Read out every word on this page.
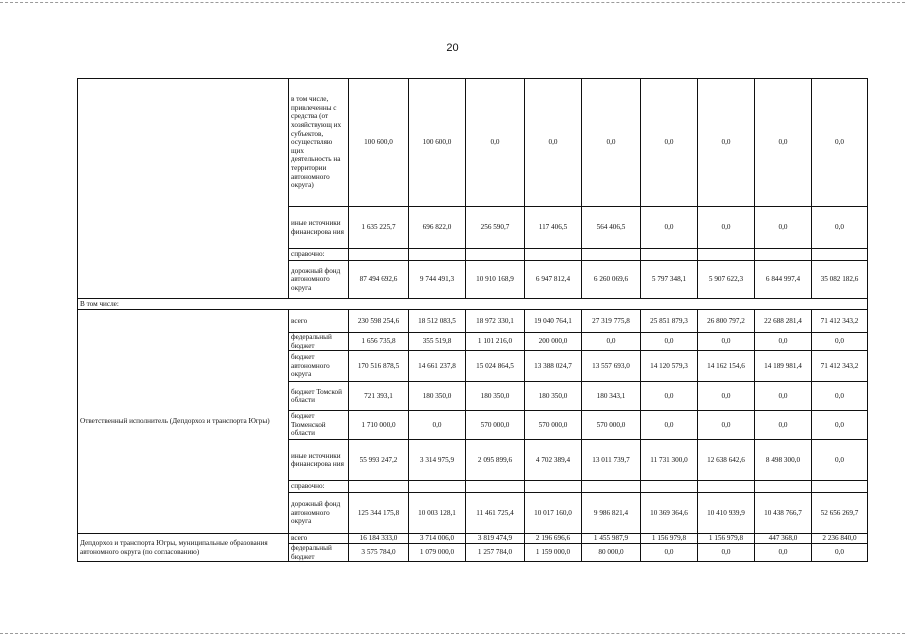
20
	в том числе, привлеченны с средства (от хозяйствующ их субъектов, осуществляю щих деятельность на территории автономного округа)	100 600,0	100 600,0	0,0	0,0	0,0	0,0	0,0	0,0	0,0
	иные источники финансирова ния	1 635 225,7	696 822,0	256 590,7	117 406,5	564 406,5	0,0	0,0	0,0	0,0
	справочно:									
	дорожный фонд автономного округа	87 494 692,6	9 744 491,3	10 910 168,9	6 947 812,4	6 260 069,6	5 797 348,1	5 907 622,3	6 844 997,4	35 082 182,6
В том числе:										
Ответственный исполнитель (Депдорхоз и транспорта Югры)	всего	230 598 254,6	18 512 083,5	18 972 330,1	19 040 764,1	27 319 775,8	25 851 879,3	26 800 797,2	22 688 281,4	71 412 343,2
	федеральный бюджет	1 656 735,8	355 519,8	1 101 216,0	200 000,0	0,0	0,0	0,0	0,0	0,0
	бюджет автономного округа	170 516 878,5	14 661 237,8	15 024 864,5	13 388 024,7	13 557 693,0	14 120 579,3	14 162 154,6	14 189 981,4	71 412 343,2
	бюджет Томской области	721 393,1	180 350,0	180 350,0	180 350,0	180 343,1	0,0	0,0	0,0	0,0
	бюджет Тюменской области	1 710 000,0	0,0	570 000,0	570 000,0	570 000,0	0,0	0,0	0,0	0,0
	иные источники финансирова ния	55 993 247,2	3 314 975,9	2 095 899,6	4 702 389,4	13 011 739,7	11 731 300,0	12 638 642,6	8 498 300,0	0,0
	справочно:									
	дорожный фонд автономного округа	125 344 175,8	10 003 128,1	11 461 725,4	10 017 160,0	9 986 821,4	10 369 364,6	10 410 939,9	10 438 766,7	52 656 269,7
Депдорхоз и транспорта Югры, муниципальные образования автономного округа (по согласованию)	всего	16 184 333,0	3 714 006,0	3 819 474,9	2 196 696,6	1 455 987,9	1 156 979,8	1 156 979,8	447 368,0	2 236 840,0
	федеральный бюджет	3 575 784,0	1 079 000,0	1 257 784,0	1 159 000,0	80 000,0	0,0	0,0	0,0	0,0
